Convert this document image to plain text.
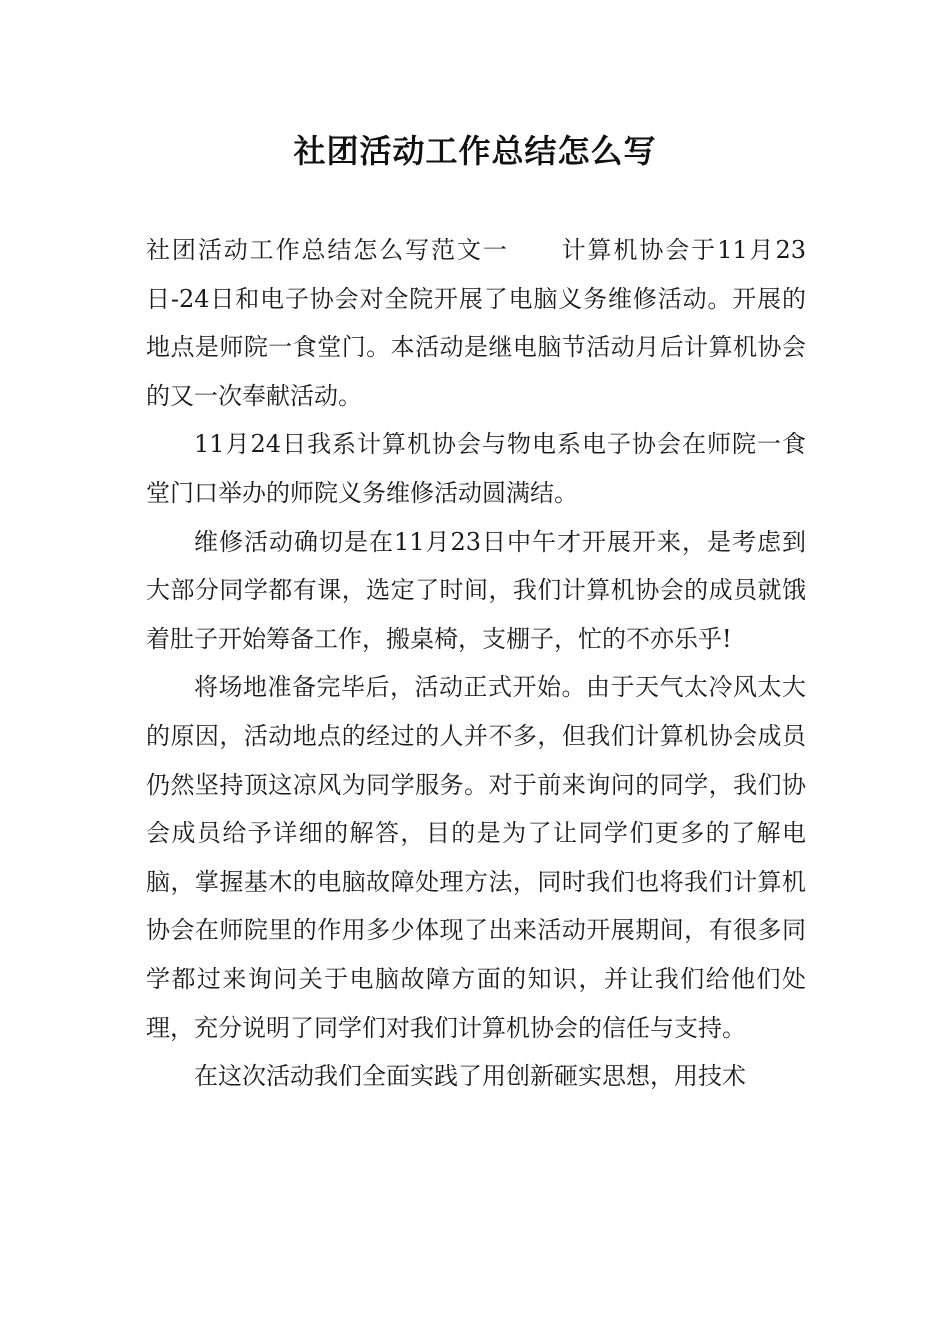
社团活动工作总结怎么写

社团活动工作总结怎么写范文一 计算机协会于11月23日-24日和电子协会对全院开展了电脑义务维修活动。开展的地点是师院一食堂门。本活动是继电脑节活动月后计算机协会的又一次奉献活动。

11月24日我系计算机协会与物电系电子协会在师院一食堂门口举办的师院义务维修活动圆满结。

维修活动确切是在11月23日中午才开展开来，是考虑到大部分同学都有课，选定了时间，我们计算机协会的成员就饿着肚子开始筹备工作，搬桌椅，支棚子，忙的不亦乐乎!

将场地准备完毕后，活动正式开始。由于天气太冷风太大的原因，活动地点的经过的人并不多，但我们计算机协会成员仍然坚持顶这凉风为同学服务。对于前来询问的同学，我们协会成员给予详细的解答，目的是为了让同学们更多的了解电脑，掌握基木的电脑故障处理方法，同时我们也将我们计算机协会在师院里的作用多少体现了出来活动开展期间，有很多同学都过来询问关于电脑故障方面的知识，并让我们给他们处理，充分说明了同学们对我们计算机协会的信任与支持。

在这次活动我们全面实践了用创新砸实思想，用技术
